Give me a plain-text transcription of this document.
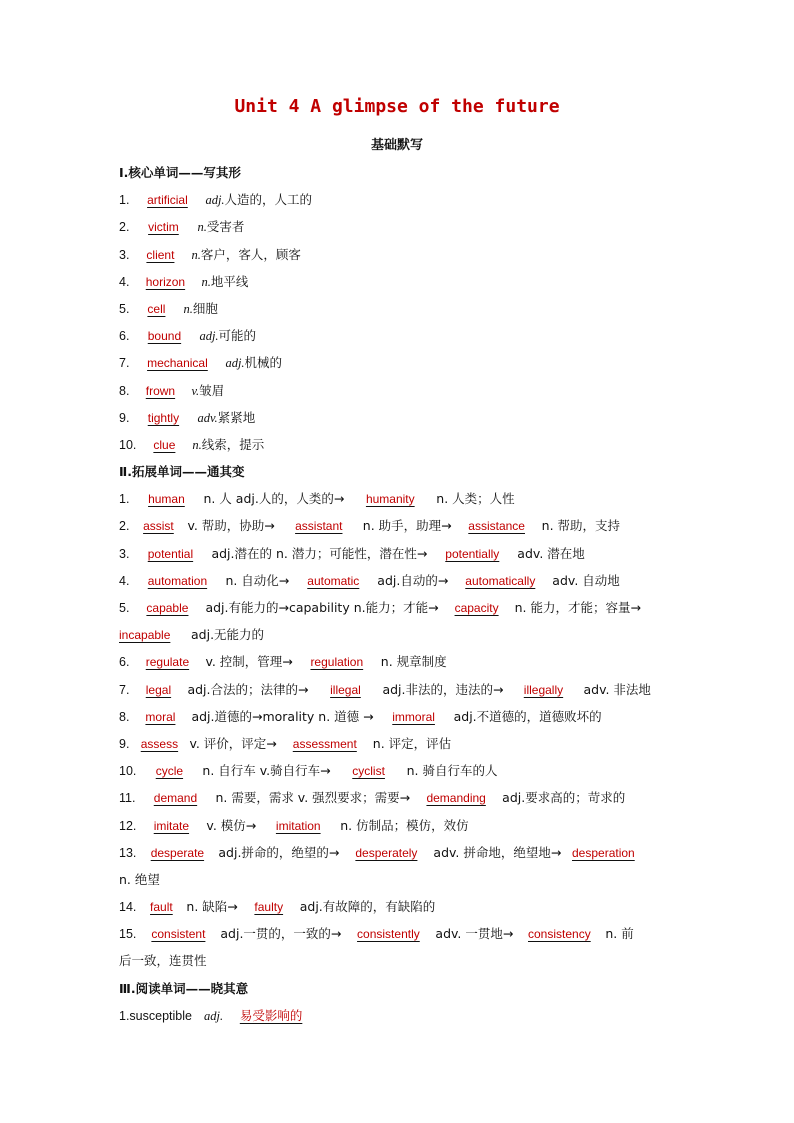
Unit 4 A glimpse of the future
基础默写
Ⅰ.核心单词——写其形
1. artificial adj.人造的，人工的
2. victim n.受害者
3. client n.客户，客人，顾客
4. horizon n.地平线
5. cell n.细胞
6. bound adj.可能的
7. mechanical adj.机械的
8. frown v.皱眉
9. tightly adv.紧紧地
10. clue n.线索，提示
Ⅱ.拓展单词——通其变
1. human n. 人 adj.人的，人类的→ humanity n. 人类；人性
2. assist v. 帮助，协助→ assistant n. 助手，助理→ assistance n. 帮助，支持
3. potential adj.潜在的 n. 潜力；可能性，潜在性→ potentially adv. 潜在地
4. automation n. 自动化→ automatic adj.自动的→ automatically adv. 自动地
5. capable adj.有能力的→capability n.能力；才能→ capacity n. 能力，才能；容量→
incapable adj.无能力的
6. regulate v. 控制，管理→ regulation n. 规章制度
7. legal adj.合法的；法律的→ illegal adj.非法的，违法的→ illegally adv. 非法地
8. moral adj.道德的→morality n. 道德 → immoral adj.不道德的，道德败坏的
9. assess v. 评价，评定→ assessment n. 评定，评估
10. cycle n. 自行车 v.骑自行车→ cyclist n. 骑自行车的人
11. demand n. 需要，需求 v. 强烈要求；需要→ demanding adj.要求高的；苛求的
12. imitate v. 模仿→ imitation n. 仿制品；模仿，效仿
13. desperate adj.拼命的，绝望的→ desperately adv. 拼命地，绝望地→ desperation
n. 绝望
14. fault n. 缺陷→ faulty adj.有故障的，有缺陷的
15. consistent adj.一贯的，一致的→ consistently adv. 一贯地→ consistency n. 前
后一致，连贯性
Ⅲ.阅读单词——晓其意
1.susceptible adj. 易受影响的
